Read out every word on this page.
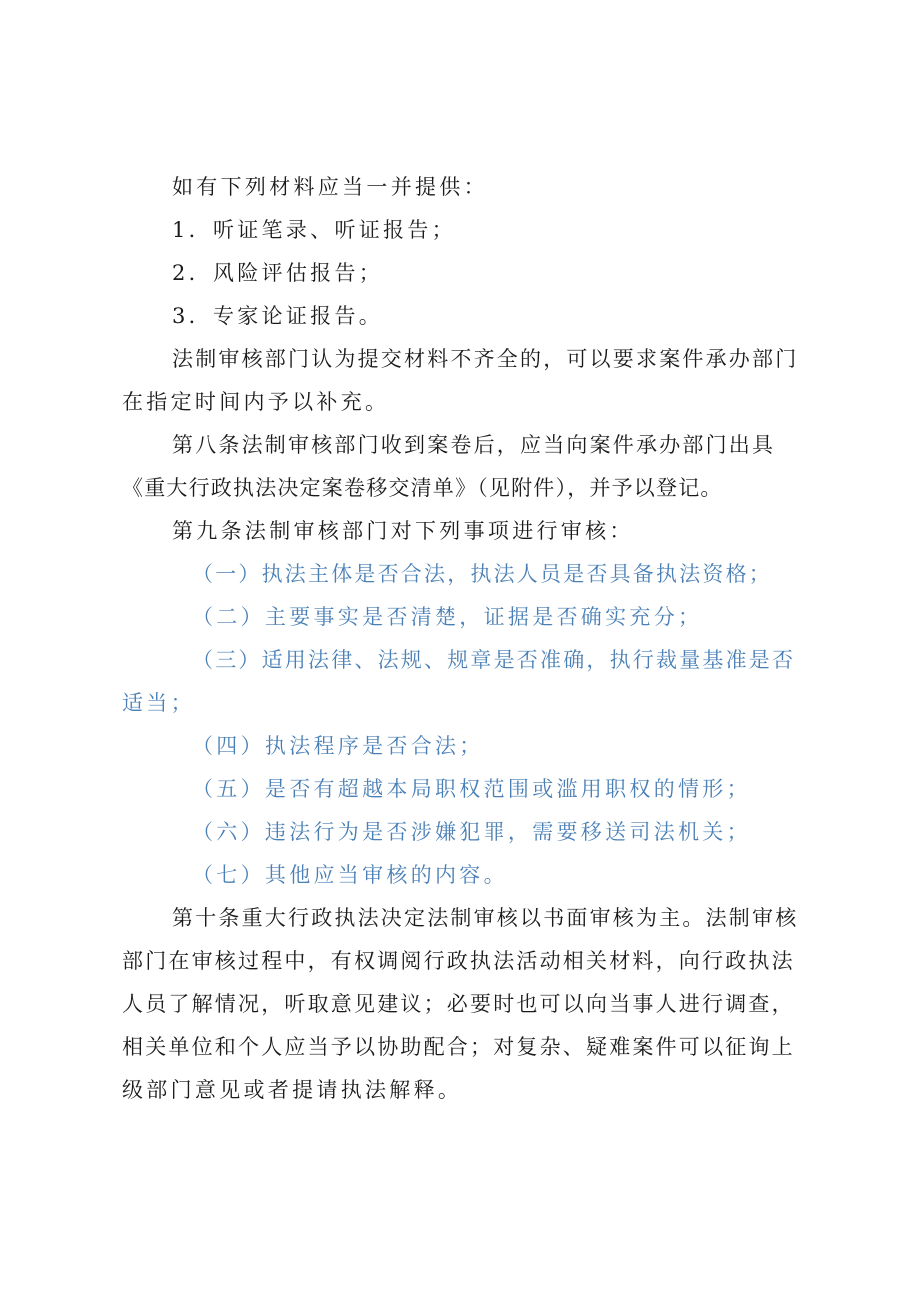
如有下列材料应当一并提供：
1．听证笔录、听证报告；
2．风险评估报告；
3．专家论证报告。
法制审核部门认为提交材料不齐全的，可以要求案件承办部门
在指定时间内予以补充。
第八条法制审核部门收到案卷后，应当向案件承办部门出具
《重大行政执法决定案卷移交清单》（见附件），并予以登记。
第九条法制审核部门对下列事项进行审核：
（一）执法主体是否合法，执法人员是否具备执法资格；
（二）主要事实是否清楚，证据是否确实充分；
（三）适用法律、法规、规章是否准确，执行裁量基准是否
适当；
（四）执法程序是否合法；
（五）是否有超越本局职权范围或滥用职权的情形；
（六）违法行为是否涉嫌犯罪，需要移送司法机关；
（七）其他应当审核的内容。
第十条重大行政执法决定法制审核以书面审核为主。法制审核
部门在审核过程中，有权调阅行政执法活动相关材料，向行政执法
人员了解情况，听取意见建议；必要时也可以向当事人进行调查，
相关单位和个人应当予以协助配合；对复杂、疑难案件可以征询上
级部门意见或者提请执法解释。
